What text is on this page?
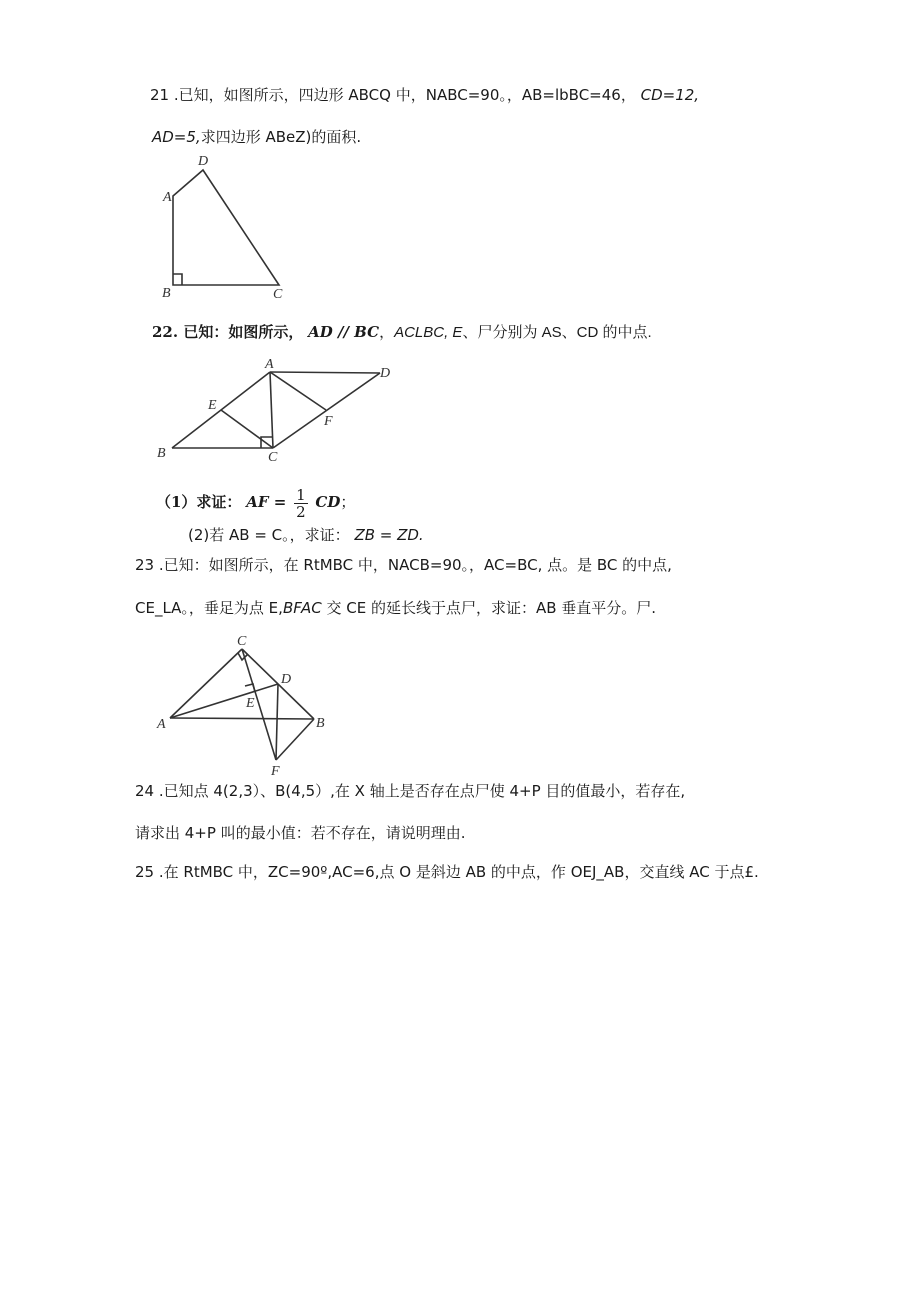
21 .已知，如图所示，四边形 ABCQ 中，NABC=90。，AB=lbBC=46， CD=12,
AD=5,求四边形 ABeZ)的面积.
A
D
B	C
22. 已知：如图所示， AD // BC，ACLBC, E、尸分别为 AS、CD 的中点.
A
D
E
F
B	C
（1）求证： AF = $\frac{1}{2}$ CD；
(2)若 AB = C。，求证： ZB = ZD.
23 .已知：如图所示，在 RtMBC 中，NACB=90。，AC=BC, 点。是 BC 的中点,
CE_LA。，垂足为点 E,BFAC 交 CE 的延长线于点尸，求证：AB 垂直平分。尸.
C
D
E
A	B
F
24 .已知点 4(2,3）、B(4,5）,在 X 轴上是否存在点尸使 4+P 目的值最小，若存在,
请求出 4+P 叫的最小值：若不存在，请说明理由.
25 .在 RtMBC 中，ZC=90º,AC=6,点 O 是斜边 AB 的中点，作 OEJ_AB，交直线 AC 于点£.
